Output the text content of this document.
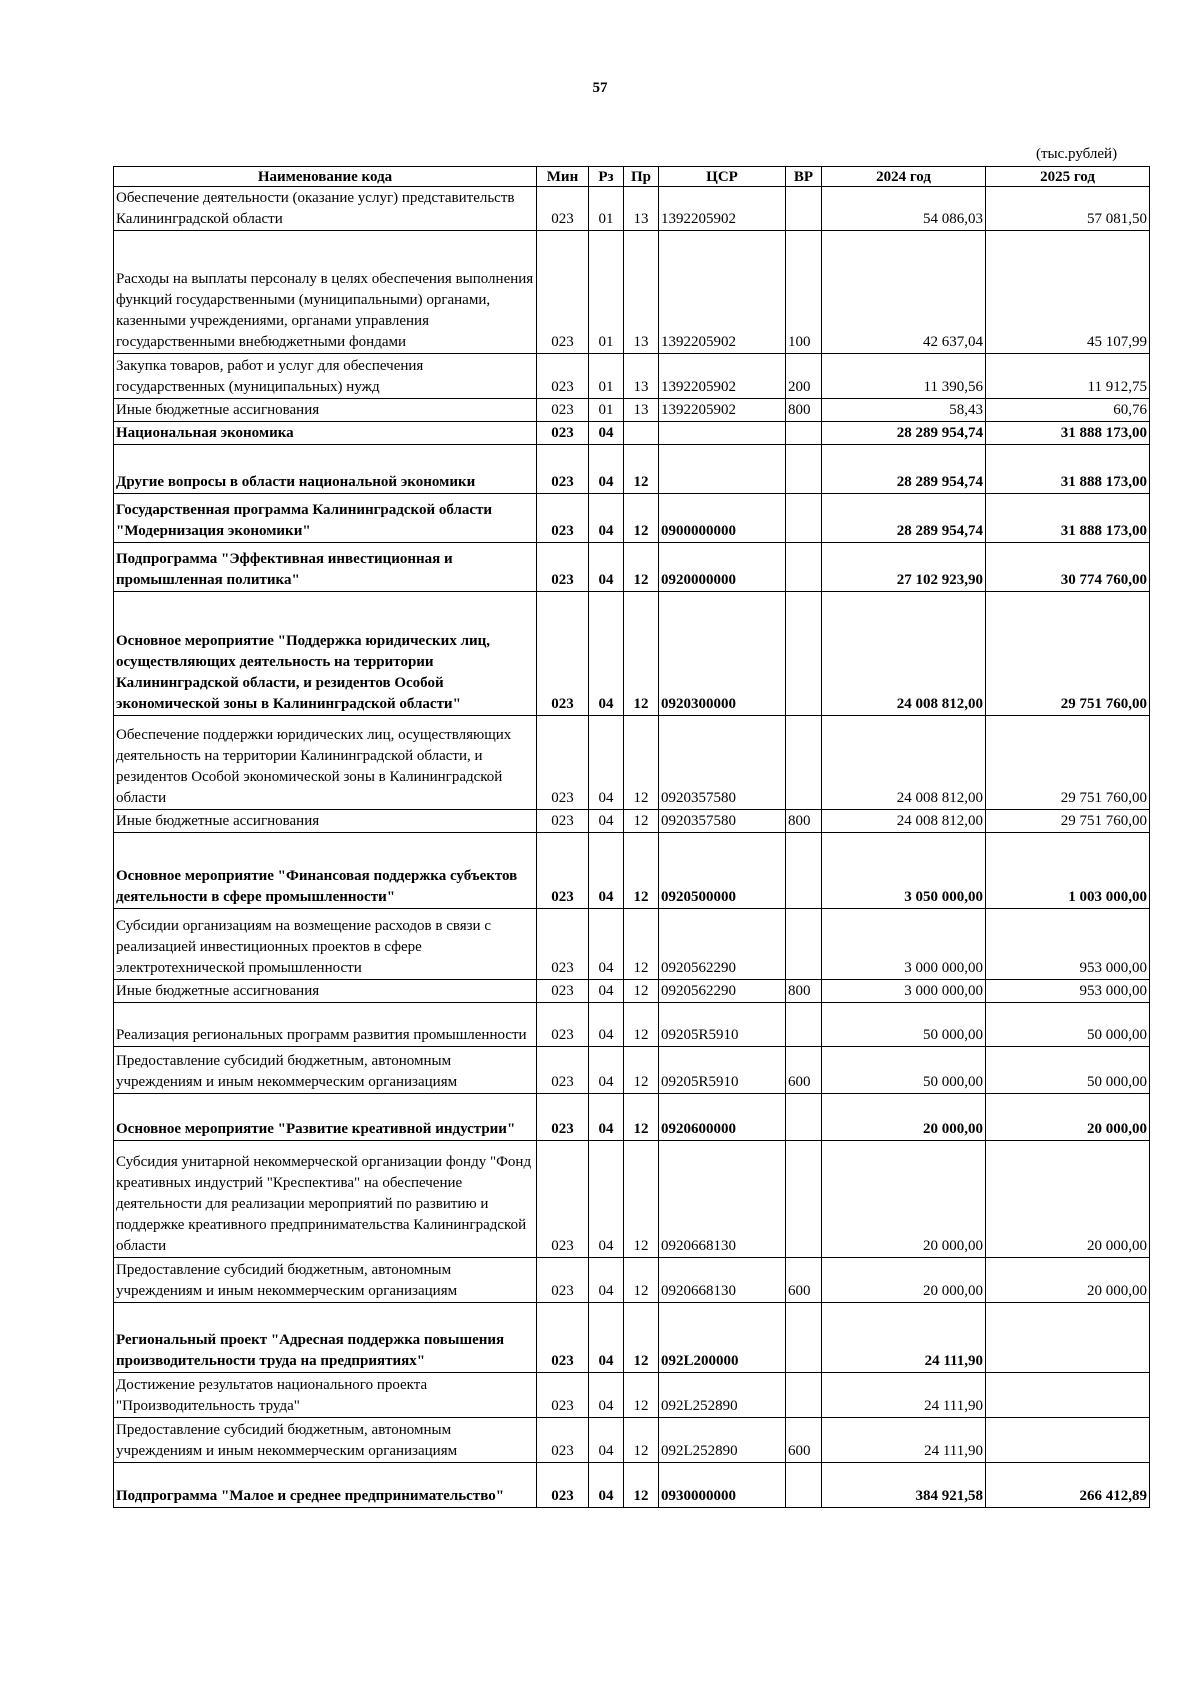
57
(тыс.рублей)
Наименование кода	Мин	Рз	Пр	ЦСР	ВР	2024 год	2025 год
Обеспечение деятельности (оказание услуг) представительств Калининградской области	023	01	13	1392205902		54 086,03	57 081,50
Расходы на выплаты персоналу в целях обеспечения выполнения функций государственными (муниципальными) органами, казенными учреждениями, органами управления государственными внебюджетными фондами	023	01	13	1392205902	100	42 637,04	45 107,99
Закупка товаров, работ и услуг для обеспечения государственных (муниципальных) нужд	023	01	13	1392205902	200	11 390,56	11 912,75
Иные бюджетные ассигнования	023	01	13	1392205902	800	58,43	60,76
Национальная экономика	023	04				28 289 954,74	31 888 173,00
Другие вопросы в области национальной экономики	023	04	12			28 289 954,74	31 888 173,00
Государственная программа Калининградской области "Модернизация экономики"	023	04	12	0900000000		28 289 954,74	31 888 173,00
Подпрограмма "Эффективная инвестиционная и промышленная политика"	023	04	12	0920000000		27 102 923,90	30 774 760,00
Основное мероприятие "Поддержка юридических лиц, осуществляющих деятельность на территории Калининградской области, и резидентов Особой экономической зоны в Калининградской области"	023	04	12	0920300000		24 008 812,00	29 751 760,00
Обеспечение поддержки юридических лиц, осуществляющих деятельность на территории Калининградской области, и резидентов Особой экономической зоны в Калининградской области	023	04	12	0920357580		24 008 812,00	29 751 760,00
Иные бюджетные ассигнования	023	04	12	0920357580	800	24 008 812,00	29 751 760,00
Основное мероприятие "Финансовая поддержка субъектов деятельности в сфере промышленности"	023	04	12	0920500000		3 050 000,00	1 003 000,00
Субсидии организациям на возмещение расходов в связи с реализацией инвестиционных проектов в сфере электротехнической промышленности	023	04	12	0920562290		3 000 000,00	953 000,00
Иные бюджетные ассигнования	023	04	12	0920562290	800	3 000 000,00	953 000,00
Реализация региональных программ развития промышленности	023	04	12	09205R5910		50 000,00	50 000,00
Предоставление субсидий бюджетным, автономным учреждениям и иным некоммерческим организациям	023	04	12	09205R5910	600	50 000,00	50 000,00
Основное мероприятие "Развитие креативной индустрии"	023	04	12	0920600000		20 000,00	20 000,00
Субсидия унитарной некоммерческой организации фонду "Фонд креативных индустрий "Креспектива" на обеспечение деятельности для реализации мероприятий по развитию и поддержке креативного предпринимательства Калининградской области	023	04	12	0920668130		20 000,00	20 000,00
Предоставление субсидий бюджетным, автономным учреждениям и иным некоммерческим организациям	023	04	12	0920668130	600	20 000,00	20 000,00
Региональный проект "Адресная поддержка повышения производительности труда на предприятиях"	023	04	12	092L200000		24 111,90	
Достижение результатов национального проекта "Производительность труда"	023	04	12	092L252890		24 111,90	
Предоставление субсидий бюджетным, автономным учреждениям и иным некоммерческим организациям	023	04	12	092L252890	600	24 111,90	
Подпрограмма "Малое и среднее предпринимательство"	023	04	12	0930000000		384 921,58	266 412,89
